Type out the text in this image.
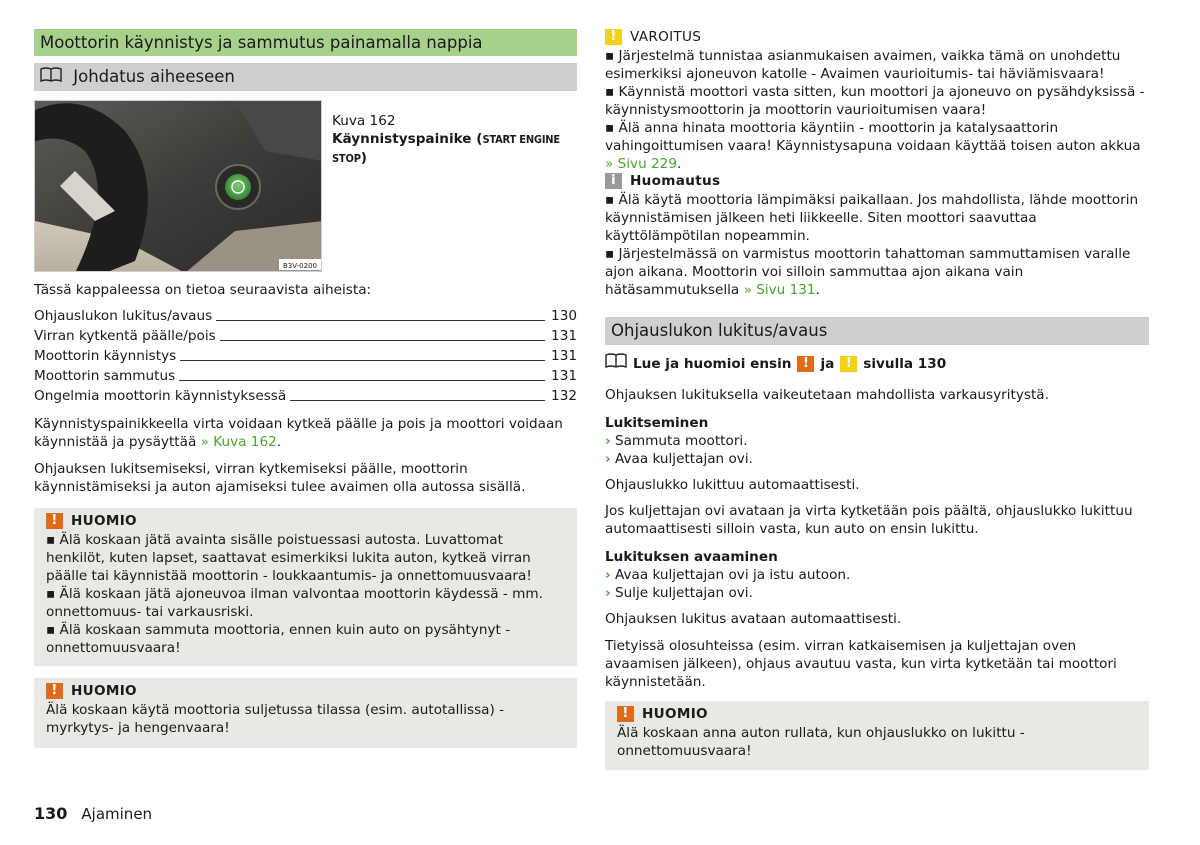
Moottorin käynnistys ja sammutus painamalla nappia
Johdatus aiheeseen
B3V-0200
Kuva 162
Käynnistyspainike (START ENGINE STOP)
Tässä kappaleessa on tietoa seuraavista aiheista:
Ohjauslukon lukitus/avaus	130
Virran kytkentä päälle/pois	131
Moottorin käynnistys	131
Moottorin sammutus	131
Ongelmia moottorin käynnistyksessä	132
Käynnistyspainikkeella virta voidaan kytkeä päälle ja pois ja moottori voidaan käynnistää ja pysäyttää » Kuva 162.
Ohjauksen lukitsemiseksi, virran kytkemiseksi päälle, moottorin käynnistämiseksi ja auton ajamiseksi tulee avaimen olla autossa sisällä.
! HUOMIO
▪ Älä koskaan jätä avainta sisälle poistuessasi autosta. Luvattomat henkilöt, kuten lapset, saattavat esimerkiksi lukita auton, kytkeä virran päälle tai käynnistää moottorin - loukkaantumis- ja onnettomuusvaara!
▪ Älä koskaan jätä ajoneuvoa ilman valvontaa moottorin käydessä - mm. onnettomuus- tai varkausriski.
▪ Älä koskaan sammuta moottoria, ennen kuin auto on pysähtynyt - onnettomuusvaara!
! HUOMIO
Älä koskaan käytä moottoria suljetussa tilassa (esim. autotallissa) - myrkytys- ja hengenvaara!
! VAROITUS
▪ Järjestelmä tunnistaa asianmukaisen avaimen, vaikka tämä on unohdettu esimerkiksi ajoneuvon katolle - Avaimen vaurioitumis- tai häviämisvaara!
▪ Käynnistä moottori vasta sitten, kun moottori ja ajoneuvo on pysähdyksissä - käynnistysmoottorin ja moottorin vaurioitumisen vaara!
▪ Älä anna hinata moottoria käyntiin - moottorin ja katalysaattorin vahingoittumisen vaara! Käynnistysapuna voidaan käyttää toisen auton akkua » Sivu 229.
i	Huomautus
▪ Älä käytä moottoria lämpimäksi paikallaan. Jos mahdollista, lähde moottorin käynnistämisen jälkeen heti liikkeelle. Siten moottori saavuttaa käyttölämpötilan nopeammin.
▪ Järjestelmässä on varmistus moottorin tahattoman sammuttamisen varalle ajon aikana. Moottorin voi silloin sammuttaa ajon aikana vain hätäsammutuksella » Sivu 131.
Ohjauslukon lukitus/avaus
Lue ja huomioi ensin ! ja ! sivulla 130
Ohjauksen lukituksella vaikeutetaan mahdollista varkausyritystä.
Lukitseminen
› Sammuta moottori.
› Avaa kuljettajan ovi.
Ohjauslukko lukittuu automaattisesti.
Jos kuljettajan ovi avataan ja virta kytketään pois päältä, ohjauslukko lukittuu automaattisesti silloin vasta, kun auto on ensin lukittu.
Lukituksen avaaminen
› Avaa kuljettajan ovi ja istu autoon.
› Sulje kuljettajan ovi.
Ohjauksen lukitus avataan automaattisesti.
Tietyissä olosuhteissa (esim. virran katkaisemisen ja kuljettajan oven avaamisen jälkeen), ohjaus avautuu vasta, kun virta kytketään tai moottori käynnistetään.
! HUOMIO
Älä koskaan anna auton rullata, kun ohjauslukko on lukittu - onnettomuusvaara!
130 Ajaminen
